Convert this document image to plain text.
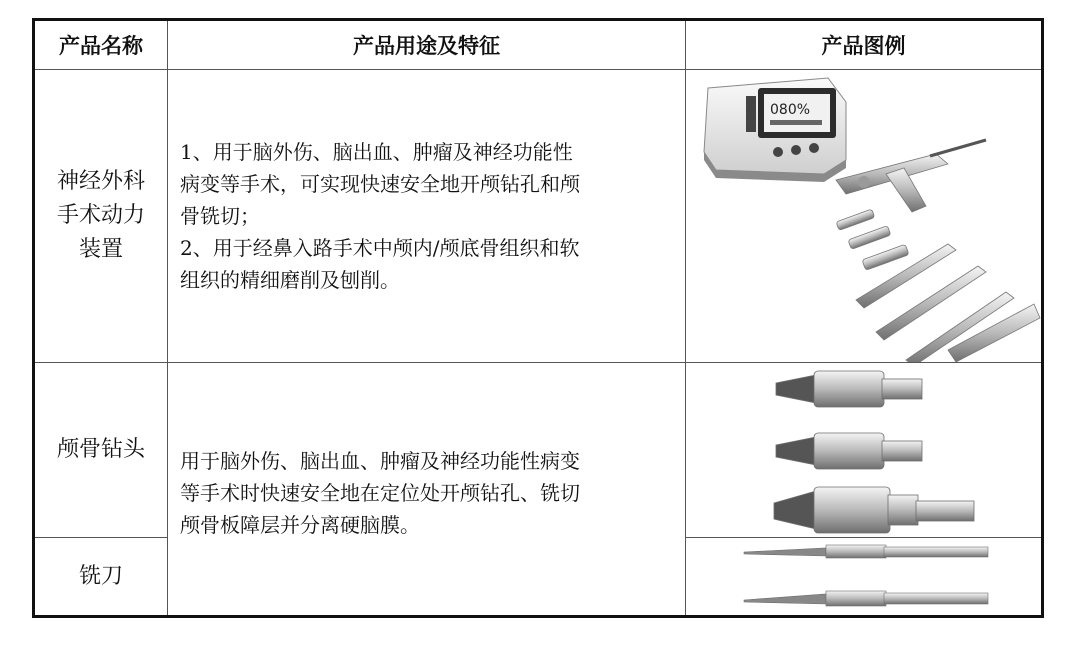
产品名称	产品用途及特征	产品图例
神经外科
手术动力
装置
1、用于脑外伤、脑出血、肿瘤及神经功能性
病变等手术，可实现快速安全地开颅钻孔和颅
骨铣切；
2、用于经鼻入路手术中颅内/颅底骨组织和软
组织的精细磨削及刨削。
颅骨钻头
铣刀
用于脑外伤、脑出血、肿瘤及神经功能性病变
等手术时快速安全地在定位处开颅钻孔、铣切
颅骨板障层并分离硬脑膜。
080%
